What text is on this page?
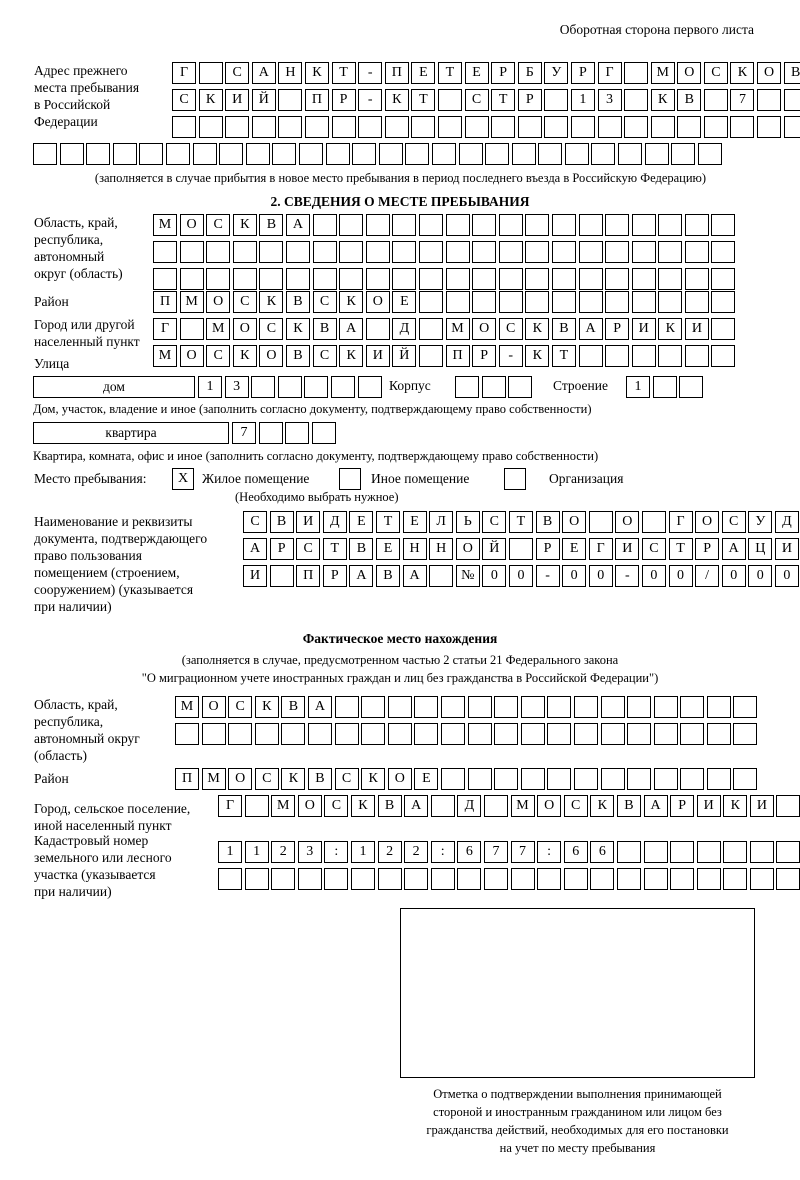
Оборотная сторона первого листа
Адрес прежнего
места пребывания
в Российской
Федерации
Г	С	А	Н	К	Т	-	П	Е	Т	Е	Р	Б	У	Р	Г	М	О	С	К	О	В
С	К	И	Й	П	Р	-	К	Т	С	Т	Р	1	3	К	В	7
(заполняется в случае прибытия в новое место пребывания в период последнего въезда в Российскую Федерацию)
2. СВЕДЕНИЯ О МЕСТЕ ПРЕБЫВАНИЯ
Область, край,
республика,
автономный
округ (область)
М	О	С	К	В	А
Район	П	М	О	С	К	В	С	К	О	Е
Город или другой
населенный пункт
Г	М	О	С	К	В	А	Д	М	О	С	К	В	А	Р	И	К	И
Улица
М	О	С	К	О	В	С	К	И	Й	П	Р	-	К	Т
дом	1	3	Корпус	Строение	1
Дом, участок, владение и иное (заполнить согласно документу, подтверждающему право собственности)
квартира	7
Квартира, комната, офис и иное (заполнить согласно документу, подтверждающему право собственности)
Место пребывания:	X	Жилое помещение	Иное помещение	Организация
(Необходимо выбрать нужное)
Наименование и реквизиты
документа, подтверждающего
право пользования
помещением (строением,
сооружением) (указывается
при наличии)
С	В	И	Д	Е	Т	Е	Л	Ь	С	Т	В	О	О	Г	О	С	У	Д
А	Р	С	Т	В	Е	Н	Н	О	Й	Р	Е	Г	И	С	Т	Р	А	Ц	И
И	П	Р	А	В	А	№	0	0	-	0	0	-	0	0	/	0	0	0
Фактическое место нахождения
(заполняется в случае, предусмотренном частью 2 статьи 21 Федерального закона
"О миграционном учете иностранных граждан и лиц без гражданства в Российской Федерации")
Область, край,
республика,
автономный округ
(область)
М	О	С	К	В	А
Район	П	М	О	С	К	В	С	К	О	Е
Город, сельское поселение,
иной населенный пункт
Г	М	О	С	К	В	А	Д	М	О	С	К	В	А	Р	И	К	И
Кадастровый номер
земельного или лесного
участка (указывается
при наличии)
1	1	2	3	:	1	2	2	:	6	7	7	:	6	6
Отметка о подтверждении выполнения принимающей
стороной и иностранным гражданином или лицом без
гражданства действий, необходимых для его постановки
на учет по месту пребывания
